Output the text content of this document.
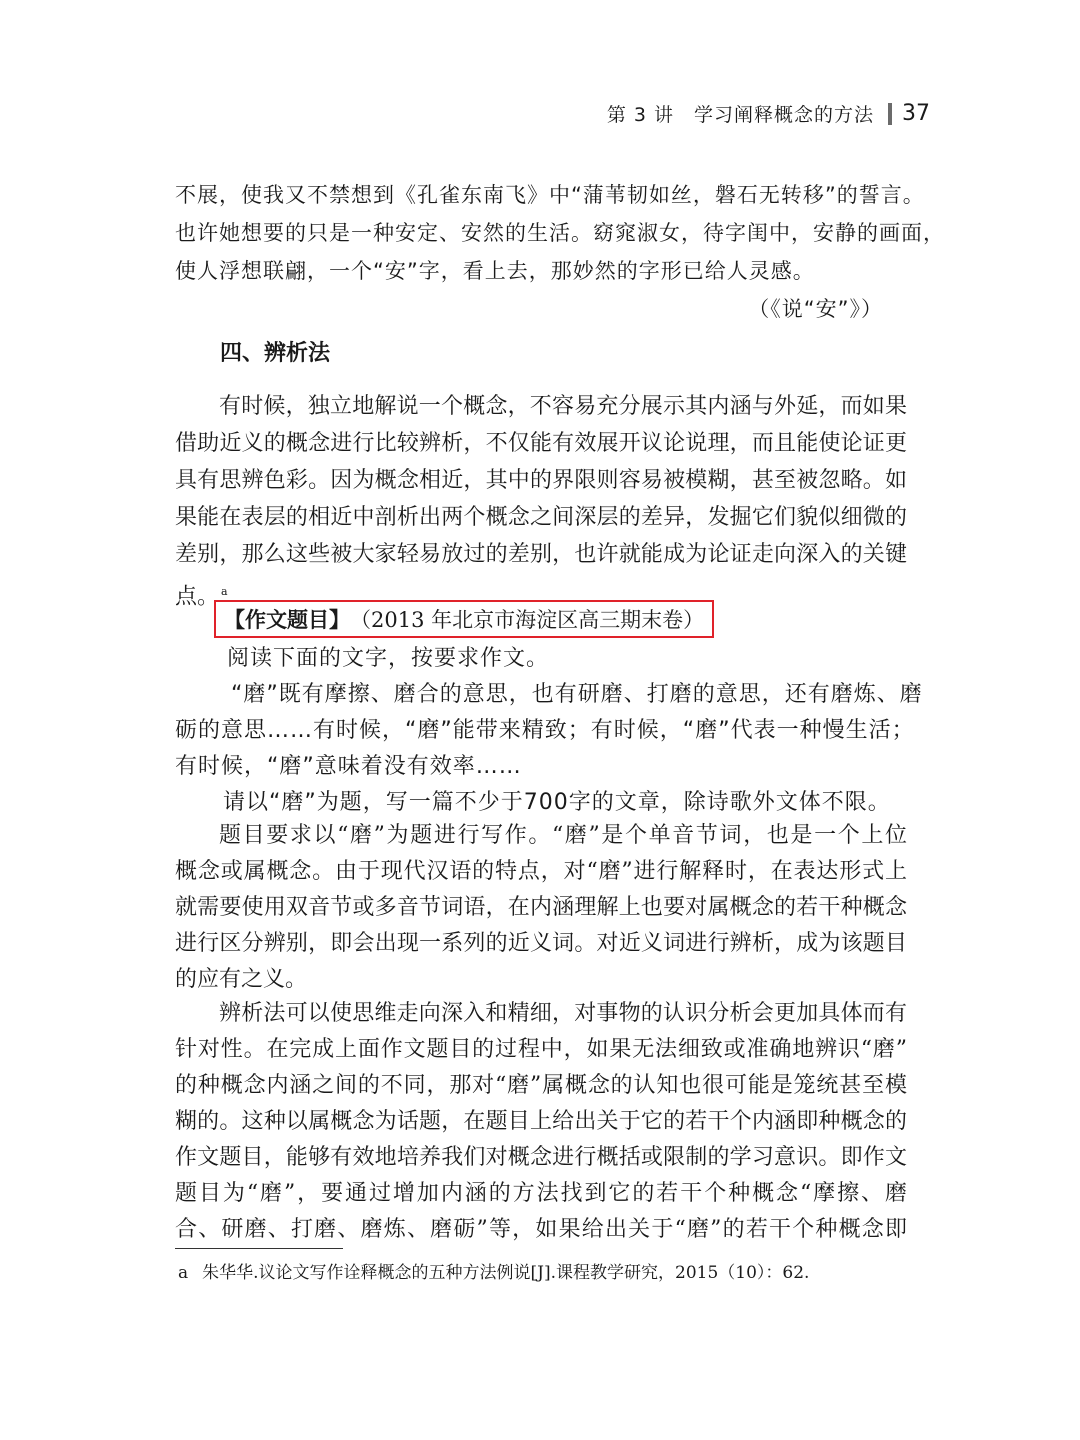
第 3 讲　学习阐释概念的方法 37
不展，使我又不禁想到《孔雀东南飞》中“蒲苇韧如丝，磐石无转移”的誓言。
也许她想要的只是一种安定、安然的生活。窈窕淑女，待字闺中，安静的画面，
使人浮想联翩，一个“安”字，看上去，那妙然的字形已给人灵感。
（《说“安”》）
四、辨析法
有时候，独立地解说一个概念，不容易充分展示其内涵与外延，而如果
借助近义的概念进行比较辨析，不仅能有效展开议论说理，而且能使论证更
具有思辨色彩。因为概念相近，其中的界限则容易被模糊，甚至被忽略。如
果能在表层的相近中剖析出两个概念之间深层的差异，发掘它们貌似细微的
差别，那么这些被大家轻易放过的差别，也许就能成为论证走向深入的关键
点。 $^a$
【作文题目】 （2013 年北京市海淀区高三期末卷）
阅读下面的文字，按要求作文。
“磨”既有摩擦、磨合的意思，也有研磨、打磨的意思，还有磨炼、磨
砺的意思……有时候，“磨”能带来精致；有时候，“磨”代表一种慢生活；
有时候，“磨”意味着没有效率……
请以“磨”为题，写一篇不少于700字的文章，除诗歌外文体不限。
题目要求以“磨”为题进行写作。“磨”是个单音节词，也是一个上位
概念或属概念。由于现代汉语的特点，对“磨”进行解释时，在表达形式上
就需要使用双音节或多音节词语，在内涵理解上也要对属概念的若干种概念
进行区分辨别，即会出现一系列的近义词。对近义词进行辨析，成为该题目
的应有之义。
辨析法可以使思维走向深入和精细，对事物的认识分析会更加具体而有
针对性。在完成上面作文题目的过程中，如果无法细致或准确地辨识“磨”
的种概念内涵之间的不同，那对“磨”属概念的认知也很可能是笼统甚至模
糊的。这种以属概念为话题，在题目上给出关于它的若干个内涵即种概念的
作文题目，能够有效地培养我们对概念进行概括或限制的学习意识。即作文
题目为“磨”，要通过增加内涵的方法找到它的若干个种概念“摩擦、磨
合、研磨、打磨、磨炼、磨砺”等，如果给出关于“磨”的若干个种概念即
a 朱华华.议论文写作诠释概念的五种方法例说[J].课程教学研究，2015（10）：62.
